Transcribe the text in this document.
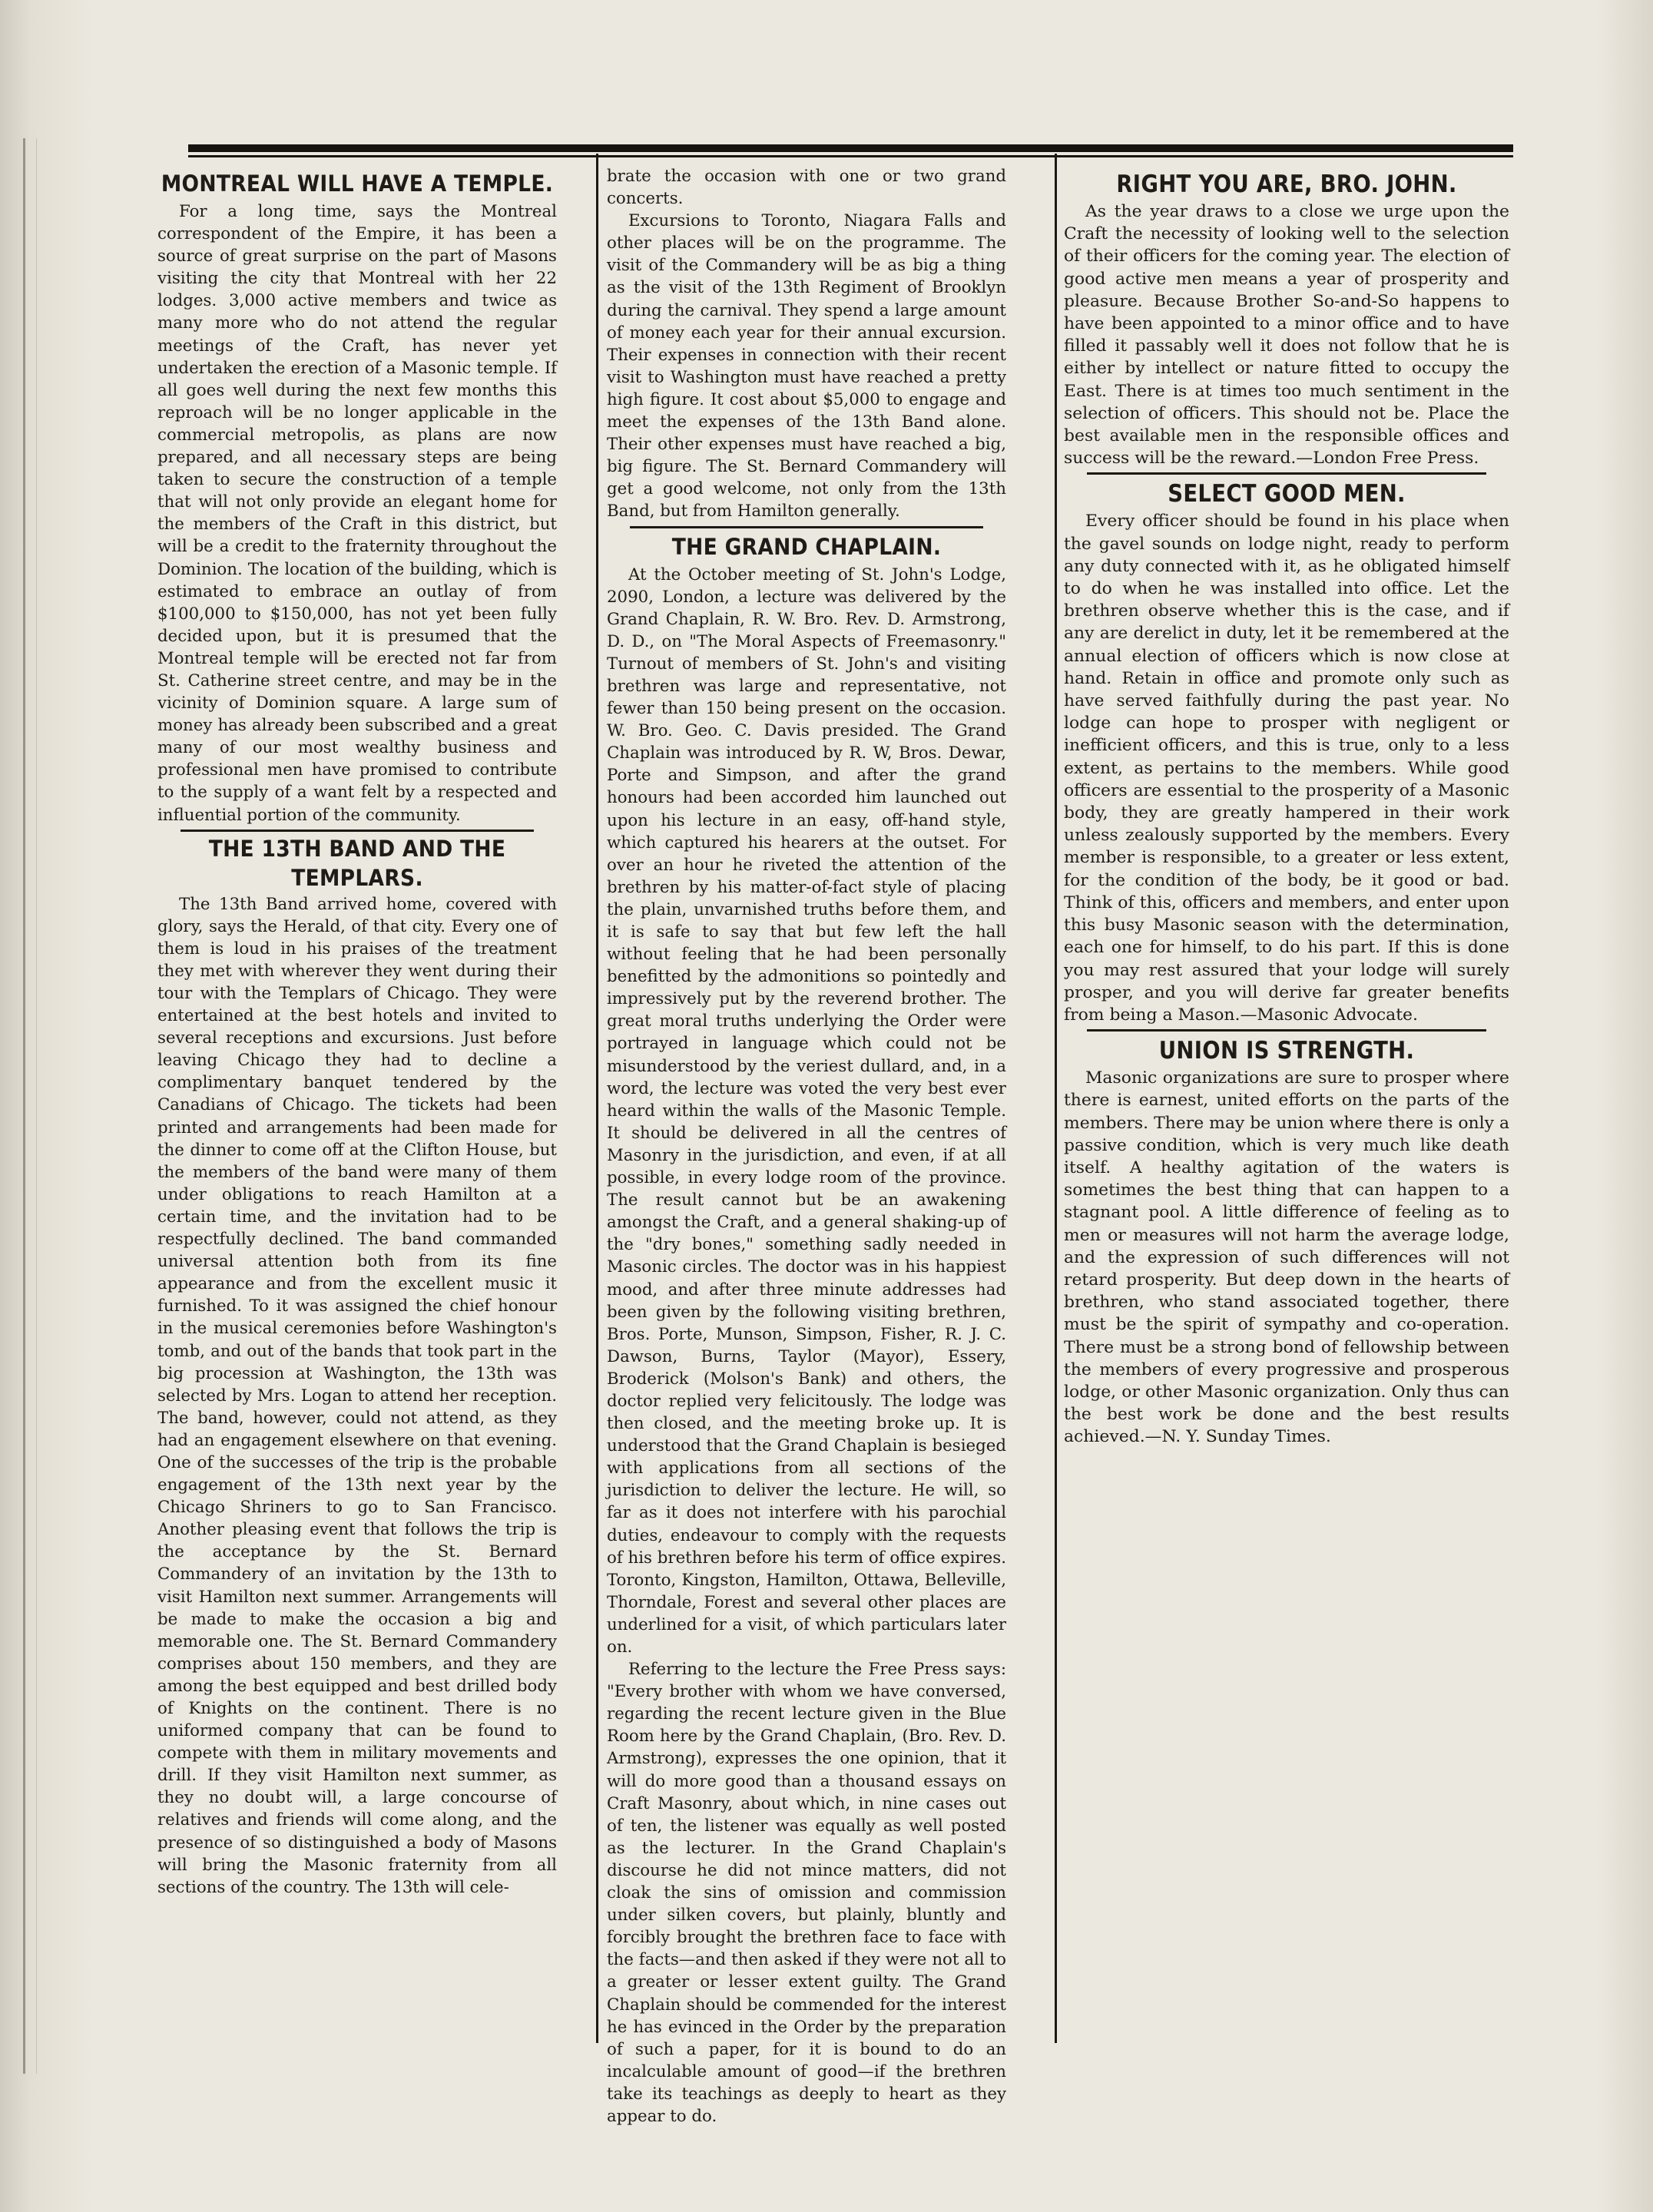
MONTREAL WILL HAVE A TEMPLE.

For a long time, says the Montreal correspondent of the Empire, it has been a source of great surprise on the part of Masons visiting the city that Montreal with her 22 lodges. 3,000 active members and twice as many more who do not attend the regular meetings of the Craft, has never yet undertaken the erection of a Masonic temple. If all goes well during the next few months this reproach will be no longer applicable in the commercial metropolis, as plans are now prepared, and all necessary steps are being taken to secure the construction of a temple that will not only provide an elegant home for the members of the Craft in this district, but will be a credit to the fraternity throughout the Dominion. The location of the building, which is estimated to embrace an outlay of from $100,000 to $150,000, has not yet been fully decided upon, but it is presumed that the Montreal temple will be erected not far from St. Catherine street centre, and may be in the vicinity of Dominion square. A large sum of money has already been subscribed and a great many of our most wealthy business and professional men have promised to contribute to the supply of a want felt by a respected and influential portion of the community.

THE 13TH BAND AND THE TEMPLARS.

The 13th Band arrived home, covered with glory, says the Herald, of that city. Every one of them is loud in his praises of the treatment they met with wherever they went during their tour with the Templars of Chicago. They were entertained at the best hotels and invited to several receptions and excursions. Just before leaving Chicago they had to decline a complimentary banquet tendered by the Canadians of Chicago. The tickets had been printed and arrangements had been made for the dinner to come off at the Clifton House, but the members of the band were many of them under obligations to reach Hamilton at a certain time, and the invitation had to be respectfully declined. The band commanded universal attention both from its fine appearance and from the excellent music it furnished. To it was assigned the chief honour in the musical ceremonies before Washington's tomb, and out of the bands that took part in the big procession at Washington, the 13th was selected by Mrs. Logan to attend her reception. The band, however, could not attend, as they had an engagement elsewhere on that evening. One of the successes of the trip is the probable engagement of the 13th next year by the Chicago Shriners to go to San Francisco. Another pleasing event that follows the trip is the acceptance by the St. Bernard Commandery of an invitation by the 13th to visit Hamilton next summer. Arrangements will be made to make the occasion a big and memorable one. The St. Bernard Commandery comprises about 150 members, and they are among the best equipped and best drilled body of Knights on the continent. There is no uniformed company that can be found to compete with them in military movements and drill. If they visit Hamilton next summer, as they no doubt will, a large concourse of relatives and friends will come along, and the presence of so distinguished a body of Masons will bring the Masonic fraternity from all sections of the country. The 13th will cele-

brate the occasion with one or two grand concerts.

Excursions to Toronto, Niagara Falls and other places will be on the programme. The visit of the Commandery will be as big a thing as the visit of the 13th Regiment of Brooklyn during the carnival. They spend a large amount of money each year for their annual excursion. Their expenses in connection with their recent visit to Washington must have reached a pretty high figure. It cost about $5,000 to engage and meet the expenses of the 13th Band alone. Their other expenses must have reached a big, big figure. The St. Bernard Commandery will get a good welcome, not only from the 13th Band, but from Hamilton generally.

THE GRAND CHAPLAIN.

At the October meeting of St. John's Lodge, 2090, London, a lecture was delivered by the Grand Chaplain, R. W. Bro. Rev. D. Armstrong, D. D., on "The Moral Aspects of Freemasonry." Turnout of members of St. John's and visiting brethren was large and representative, not fewer than 150 being present on the occasion. W. Bro. Geo. C. Davis presided. The Grand Chaplain was introduced by R. W, Bros. Dewar, Porte and Simpson, and after the grand honours had been accorded him launched out upon his lecture in an easy, off-hand style, which captured his hearers at the outset. For over an hour he riveted the attention of the brethren by his matter-of-fact style of placing the plain, unvarnished truths before them, and it is safe to say that but few left the hall without feeling that he had been personally benefitted by the admonitions so pointedly and impressively put by the reverend brother. The great moral truths underlying the Order were portrayed in language which could not be misunderstood by the veriest dullard, and, in a word, the lecture was voted the very best ever heard within the walls of the Masonic Temple. It should be delivered in all the centres of Masonry in the jurisdiction, and even, if at all possible, in every lodge room of the province. The result cannot but be an awakening amongst the Craft, and a general shaking-up of the "dry bones," something sadly needed in Masonic circles. The doctor was in his happiest mood, and after three minute addresses had been given by the following visiting brethren, Bros. Porte, Munson, Simpson, Fisher, R. J. C. Dawson, Burns, Taylor (Mayor), Essery, Broderick (Molson's Bank) and others, the doctor replied very felicitously. The lodge was then closed, and the meeting broke up. It is understood that the Grand Chaplain is besieged with applications from all sections of the jurisdiction to deliver the lecture. He will, so far as it does not interfere with his parochial duties, endeavour to comply with the requests of his brethren before his term of office expires. Toronto, Kingston, Hamilton, Ottawa, Belleville, Thorndale, Forest and several other places are underlined for a visit, of which particulars later on.

Referring to the lecture the Free Press says: "Every brother with whom we have conversed, regarding the recent lecture given in the Blue Room here by the Grand Chaplain, (Bro. Rev. D. Armstrong), expresses the one opinion, that it will do more good than a thousand essays on Craft Masonry, about which, in nine cases out of ten, the listener was equally as well posted as the lecturer. In the Grand Chaplain's discourse he did not mince matters, did not cloak the sins of omission and commission under silken covers, but plainly, bluntly and forcibly brought the brethren face to face with the facts—and then asked if they were not all to a greater or lesser extent guilty. The Grand Chaplain should be commended for the interest he has evinced in the Order by the preparation of such a paper, for it is bound to do an incalculable amount of good—if the brethren take its teachings as deeply to heart as they appear to do.

RIGHT YOU ARE, BRO. JOHN.

As the year draws to a close we urge upon the Craft the necessity of looking well to the selection of their officers for the coming year. The election of good active men means a year of prosperity and pleasure. Because Brother So-and-So happens to have been appointed to a minor office and to have filled it passably well it does not follow that he is either by intellect or nature fitted to occupy the East. There is at times too much sentiment in the selection of officers. This should not be. Place the best available men in the responsible offices and success will be the reward.—London Free Press.

SELECT GOOD MEN.

Every officer should be found in his place when the gavel sounds on lodge night, ready to perform any duty connected with it, as he obligated himself to do when he was installed into office. Let the brethren observe whether this is the case, and if any are derelict in duty, let it be remembered at the annual election of officers which is now close at hand. Retain in office and promote only such as have served faithfully during the past year. No lodge can hope to prosper with negligent or inefficient officers, and this is true, only to a less extent, as pertains to the members. While good officers are essential to the prosperity of a Masonic body, they are greatly hampered in their work unless zealously supported by the members. Every member is responsible, to a greater or less extent, for the condition of the body, be it good or bad. Think of this, officers and members, and enter upon this busy Masonic season with the determination, each one for himself, to do his part. If this is done you may rest assured that your lodge will surely prosper, and you will derive far greater benefits from being a Mason.—Masonic Advocate.

UNION IS STRENGTH.

Masonic organizations are sure to prosper where there is earnest, united efforts on the parts of the members. There may be union where there is only a passive condition, which is very much like death itself. A healthy agitation of the waters is sometimes the best thing that can happen to a stagnant pool. A little difference of feeling as to men or measures will not harm the average lodge, and the expression of such differences will not retard prosperity. But deep down in the hearts of brethren, who stand associated together, there must be the spirit of sympathy and co-operation. There must be a strong bond of fellowship between the members of every progressive and prosperous lodge, or other Masonic organization. Only thus can the best work be done and the best results achieved.—N. Y. Sunday Times.
